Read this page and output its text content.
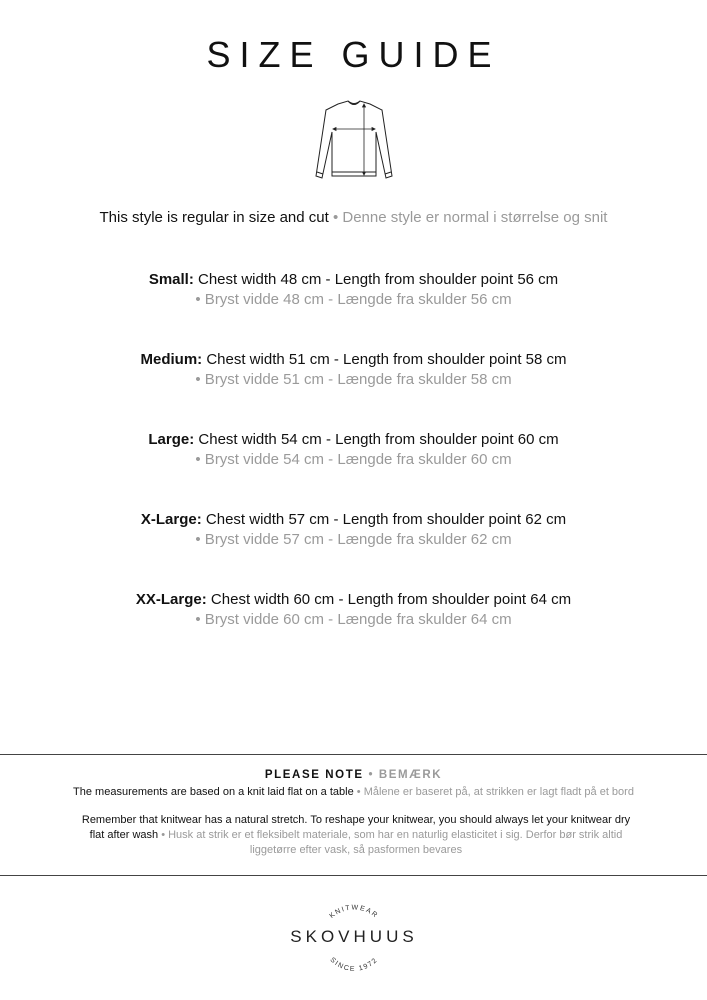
SIZE GUIDE
This style is regular in size and cut • Denne style er normal i størrelse og snit
Small: Chest width 48 cm - Length from shoulder point 56 cm
• Bryst vidde 48 cm - Længde fra skulder 56 cm
Medium: Chest width 51 cm - Length from shoulder point 58 cm
• Bryst vidde 51 cm - Længde fra skulder 58 cm
Large: Chest width 54 cm - Length from shoulder point 60 cm
• Bryst vidde 54 cm - Længde fra skulder 60 cm
X-Large: Chest width 57 cm - Length from shoulder point 62 cm
• Bryst vidde 57 cm - Længde fra skulder 62 cm
XX-Large: Chest width 60 cm - Length from shoulder point 64 cm
• Bryst vidde 60 cm - Længde fra skulder 64 cm
PLEASE NOTE • BEMÆRK
The measurements are based on a knit laid flat on a table • Målene er baseret på, at strikken er lagt fladt på et bord
Remember that knitwear has a natural stretch. To reshape your knitwear, you should always let your knitwear dry flat after wash • Husk at strik er et fleksibelt materiale, som har en naturlig elasticitet i sig. Derfor bør strik altid liggetørre efter vask, så pasformen bevares
KNITWEAR
SKOVHUUS
SINCE 1972
